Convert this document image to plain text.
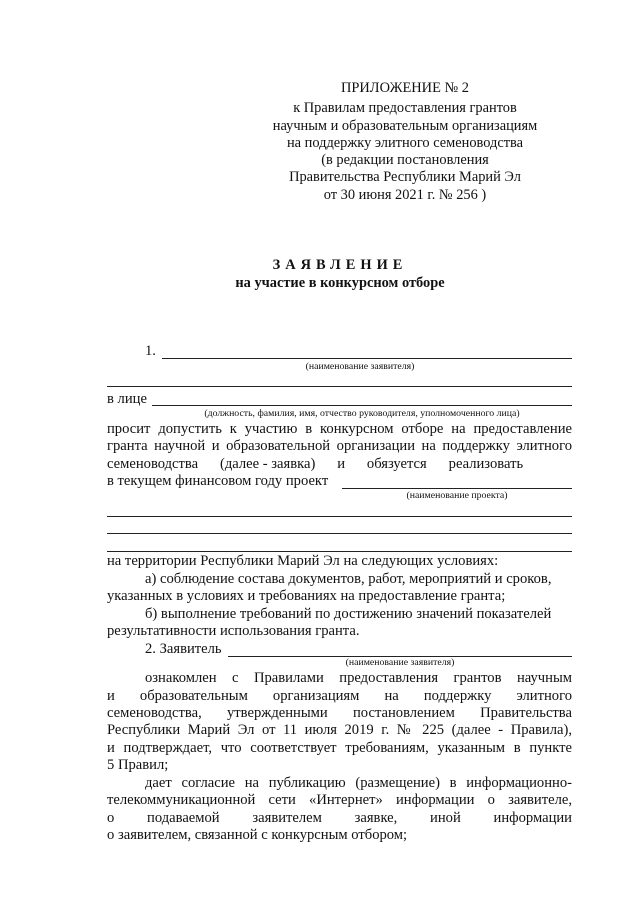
ПРИЛОЖЕНИЕ № 2
к Правилам предоставления грантов
научным и образовательным организациям
на поддержку элитного семеноводства
(в редакции постановления
Правительства Республики Марий Эл
от 30 июня 2021 г. № 256 )
ЗАЯВЛЕНИЕ
на участие в конкурсном отборе
1.
(наименование заявителя)
в лице
(должность, фамилия, имя, отчество руководителя, уполномоченного лица)
просит допустить к участию в конкурсном отборе на предоставление
гранта научной и образовательной организации на поддержку элитного
семеноводства      (далее - заявка)      и      обязуется      реализовать
в текущем финансовом году проект
(наименование проекта)
на территории Республики Марий Эл на следующих условиях:
а) соблюдение состава документов, работ, мероприятий и сроков,
указанных в условиях и требованиях на предоставление гранта;
б) выполнение требований по достижению значений показателей
результативности использования гранта.
2. Заявитель
(наименование заявителя)
ознакомлен с Правилами предоставления грантов научным
и образовательным организациям на поддержку элитного
семеноводства, утвержденными постановлением Правительства
Республики Марий Эл от 11 июля 2019 г. № 225 (далее - Правила),
и подтверждает, что соответствует требованиям, указанным в пункте
5 Правил;
дает согласие на публикацию (размещение) в информационно-
телекоммуникационной сети «Интернет» информации о заявителе,
о подаваемой заявителем заявке, иной информации
о заявителем, связанной с конкурсным отбором;
